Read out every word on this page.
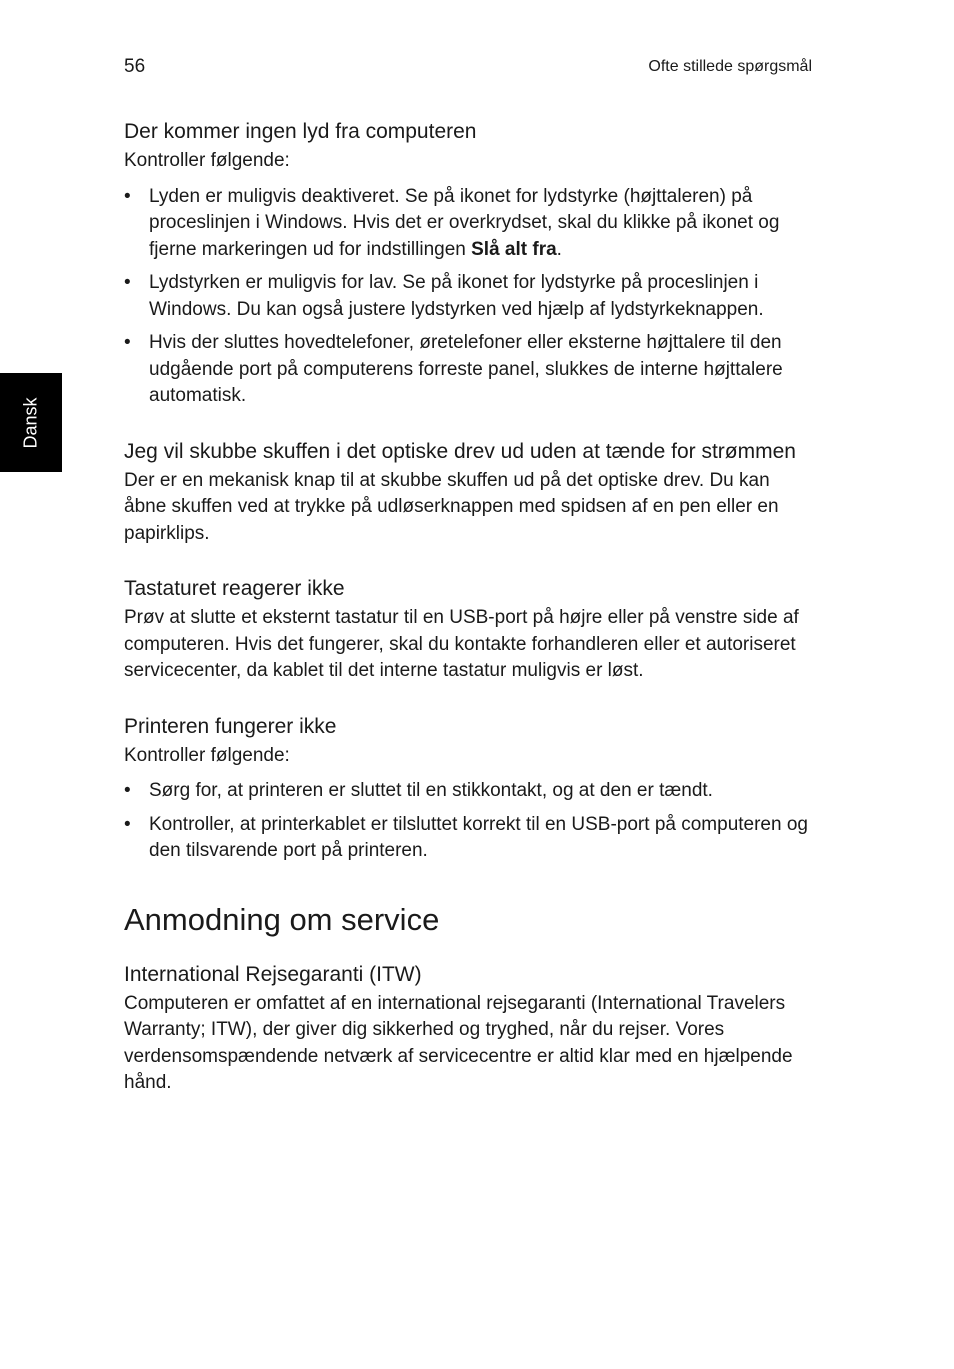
56	Ofte stillede spørgsmål
Dansk
Der kommer ingen lyd fra computeren

Kontroller følgende:

• Lyden er muligvis deaktiveret. Se på ikonet for lydstyrke (højttaleren) på proceslinjen i Windows. Hvis det er overkrydset, skal du klikke på ikonet og fjerne markeringen ud for indstillingen Slå alt fra.
• Lydstyrken er muligvis for lav. Se på ikonet for lydstyrke på proceslinjen i Windows. Du kan også justere lydstyrken ved hjælp af lydstyrkeknappen.
• Hvis der sluttes hovedtelefoner, øretelefoner eller eksterne højttalere til den udgående port på computerens forreste panel, slukkes de interne højttalere automatisk.
Jeg vil skubbe skuffen i det optiske drev ud uden at tænde for strømmen

Der er en mekanisk knap til at skubbe skuffen ud på det optiske drev. Du kan åbne skuffen ved at trykke på udløserknappen med spidsen af en pen eller en papirklips.

Tastaturet reagerer ikke

Prøv at slutte et eksternt tastatur til en USB-port på højre eller på venstre side af computeren. Hvis det fungerer, skal du kontakte forhandleren eller et autoriseret servicecenter, da kablet til det interne tastatur muligvis er løst.

Printeren fungerer ikke

Kontroller følgende:

• Sørg for, at printeren er sluttet til en stikkontakt, og at den er tændt.
• Kontroller, at printerkablet er tilsluttet korrekt til en USB-port på computeren og den tilsvarende port på printeren.
Anmodning om service
International Rejsegaranti (ITW)

Computeren er omfattet af en international rejsegaranti (International Travelers Warranty; ITW), der giver dig sikkerhed og tryghed, når du rejser. Vores verdensomspændende netværk af servicecentre er altid klar med en hjælpende hånd.
